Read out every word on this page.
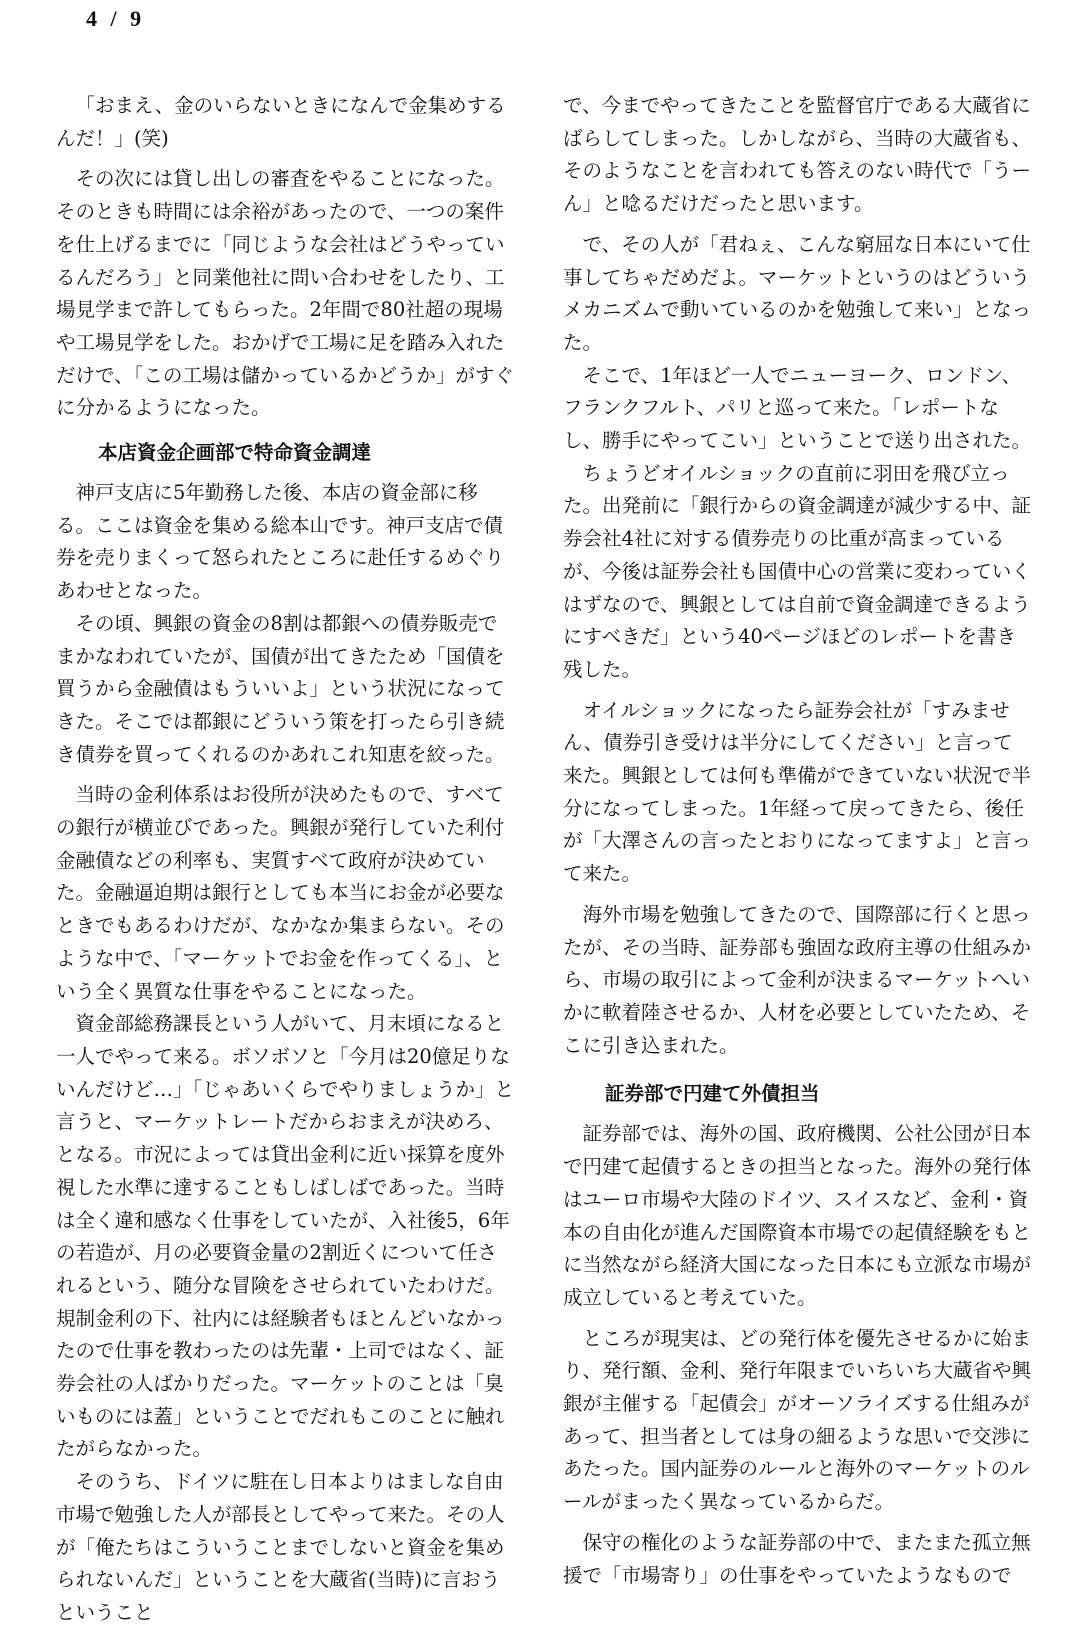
4 / 9

「おまえ、金のいらないときになんで金集めするんだ！」(笑)

その次には貸し出しの審査をやることになった。そのときも時間には余裕があったので、一つの案件を仕上げるまでに「同じような会社はどうやっているんだろう」と同業他社に問い合わせをしたり、工場見学まで許してもらった。2年間で80社超の現場や工場見学をした。おかげで工場に足を踏み入れただけで、「この工場は儲かっているかどうか」がすぐに分かるようになった。

本店資金企画部で特命資金調達

神戸支店に5年勤務した後、本店の資金部に移る。ここは資金を集める総本山です。神戸支店で債券を売りまくって怒られたところに赴任するめぐりあわせとなった。

その頃、興銀の資金の8割は都銀への債券販売でまかなわれていたが、国債が出てきたため「国債を買うから金融債はもういいよ」という状況になってきた。そこでは都銀にどういう策を打ったら引き続き債券を買ってくれるのかあれこれ知恵を絞った。

当時の金利体系はお役所が決めたもので、すべての銀行が横並びであった。興銀が発行していた利付金融債などの利率も、実質すべて政府が決めていた。金融逼迫期は銀行としても本当にお金が必要なときでもあるわけだが、なかなか集まらない。そのような中で、「マーケットでお金を作ってくる」、という全く異質な仕事をやることになった。

資金部総務課長という人がいて、月末頃になると一人でやって来る。ボソボソと「今月は20億足りないんだけど…」「じゃあいくらでやりましょうか」と言うと、マーケットレートだからおまえが決めろ、となる。市況によっては貸出金利に近い採算を度外視した水準に達することもしばしばであった。当時は全く違和感なく仕事をしていたが、入社後5，6年の若造が、月の必要資金量の2割近くについて任されるという、随分な冒険をさせられていたわけだ。規制金利の下、社内には経験者もほとんどいなかったので仕事を教わったのは先輩・上司ではなく、証券会社の人ばかりだった。マーケットのことは「臭いものには蓋」ということでだれもこのことに触れたがらなかった。

そのうち、ドイツに駐在し日本よりはましな自由市場で勉強した人が部長としてやって来た。その人が「俺たちはこういうことまでしないと資金を集められないんだ」ということを大蔵省(当時)に言おうということ

で、今までやってきたことを監督官庁である大蔵省にばらしてしまった。しかしながら、当時の大蔵省も、そのようなことを言われても答えのない時代で「うーん」と唸るだけだったと思います。

で、その人が「君ねぇ、こんな窮屈な日本にいて仕事してちゃだめだよ。マーケットというのはどういうメカニズムで動いているのかを勉強して来い」となった。

そこで、1年ほど一人でニューヨーク、ロンドン、フランクフルト、パリと巡って来た。「レポートなし、勝手にやってこい」ということで送り出された。

ちょうどオイルショックの直前に羽田を飛び立った。出発前に「銀行からの資金調達が減少する中、証券会社4社に対する債券売りの比重が高まっているが、今後は証券会社も国債中心の営業に変わっていくはずなので、興銀としては自前で資金調達できるようにすべきだ」という40ページほどのレポートを書き残した。

オイルショックになったら証券会社が「すみません、債券引き受けは半分にしてください」と言って来た。興銀としては何も準備ができていない状況で半分になってしまった。1年経って戻ってきたら、後任が「大澤さんの言ったとおりになってますよ」と言って来た。

海外市場を勉強してきたので、国際部に行くと思ったが、その当時、証券部も強固な政府主導の仕組みから、市場の取引によって金利が決まるマーケットへいかに軟着陸させるか、人材を必要としていたため、そこに引き込まれた。

証券部で円建て外債担当

証券部では、海外の国、政府機関、公社公団が日本で円建て起債するときの担当となった。海外の発行体はユーロ市場や大陸のドイツ、スイスなど、金利・資本の自由化が進んだ国際資本市場での起債経験をもとに当然ながら経済大国になった日本にも立派な市場が成立していると考えていた。

ところが現実は、どの発行体を優先させるかに始まり、発行額、金利、発行年限までいちいち大蔵省や興銀が主催する「起債会」がオーソライズする仕組みがあって、担当者としては身の細るような思いで交渉にあたった。国内証券のルールと海外のマーケットのルールがまったく異なっているからだ。

保守の権化のような証券部の中で、またまた孤立無援で「市場寄り」の仕事をやっていたようなもので
